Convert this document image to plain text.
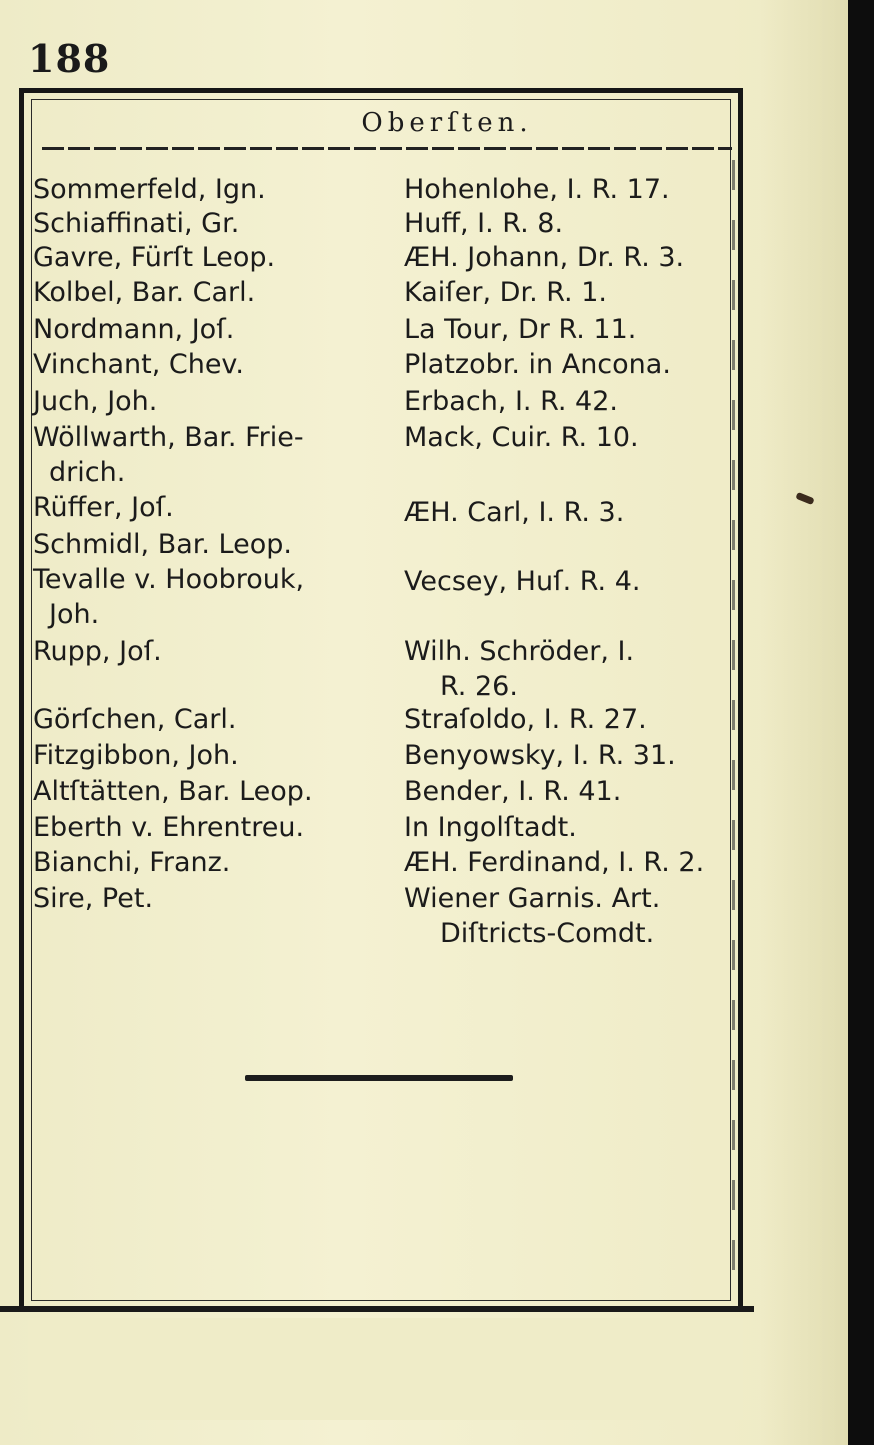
188
Oberſten.
Sommerfeld, Ign.
Schiaffinati, Gr.
Gavre, Fürſt Leop.
Kolbel, Bar. Carl.
Nordmann, Joſ.
Vinchant, Chev.
Juch, Joh.
Wöllwarth, Bar. Frie-
drich.
Rüffer, Joſ.
Schmidl, Bar. Leop.
Tevalle v. Hoobrouk,
Joh.
Rupp, Joſ.
Görſchen, Carl.
Fitzgibbon, Joh.
Altſtätten, Bar. Leop.
Eberth v. Ehrentreu.
Bianchi, Franz.
Sire, Pet.
Hohenlohe, I. R. 17.
Huff, I. R. 8.
ÆH. Johann, Dr. R. 3.
Kaiſer, Dr. R. 1.
La Tour, Dr R. 11.
Platzobr. in Ancona.
Erbach, I. R. 42.
Mack, Cuir. R. 10.
ÆH. Carl, I. R. 3.
Vecsey, Huſ. R. 4.
Wilh. Schröder, I.
R. 26.
Straſoldo, I. R. 27.
Benyowsky, I. R. 31.
Bender, I. R. 41.
In Ingolſtadt.
ÆH. Ferdinand, I. R. 2.
Wiener Garnis. Art.
Diſtricts-Comdt.
